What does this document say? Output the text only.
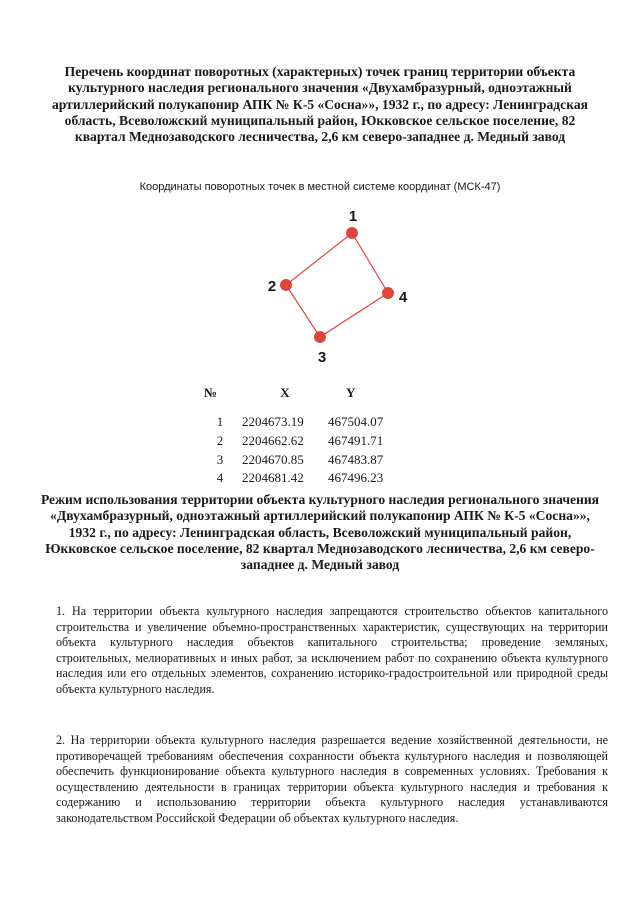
Перечень координат поворотных (характерных) точек границ территории объекта культурного наследия регионального значения «Двухамбразурный, одноэтажный артиллерийский полукапонир АПК № К-5 «Сосна»», 1932 г., по адресу: Ленинградская область, Всеволожский муниципальный район, Юкковское сельское поселение, 82 квартал Меднозаводского лесничества, 2,6 км северо-западнее д. Медный завод

Координаты поворотных точек в местной системе координат (МСК-47)

1
2
3
4
№	X	Y
1	2204673.19	467504.07
2	2204662.62	467491.71
3	2204670.85	467483.87
4	2204681.42	467496.23
Режим использования территории объекта культурного наследия регионального значения «Двухамбразурный, одноэтажный артиллерийский полукапонир АПК № К-5 «Сосна»», 1932 г., по адресу: Ленинградская область, Всеволожский муниципальный район, Юкковское сельское поселение, 82 квартал Меднозаводского лесничества, 2,6 км северо-западнее д. Медный завод

1. На территории объекта культурного наследия запрещаются строительство объектов капитального строительства и увеличение объемно-пространственных характеристик, существующих на территории объекта культурного наследия объектов капитального строительства; проведение земляных, строительных, мелиоративных и иных работ, за исключением работ по сохранению объекта культурного наследия или его отдельных элементов, сохранению историко-градостроительной или природной среды объекта культурного наследия.

2. На территории объекта культурного наследия разрешается ведение хозяйственной деятельности, не противоречащей требованиям обеспечения сохранности объекта культурного наследия и позволяющей обеспечить функционирование объекта культурного наследия в современных условиях. Требования к осуществлению деятельности в границах территории объекта культурного наследия и требования к содержанию и использованию территории объекта культурного наследия устанавливаются законодательством Российской Федерации об объектах культурного наследия.
